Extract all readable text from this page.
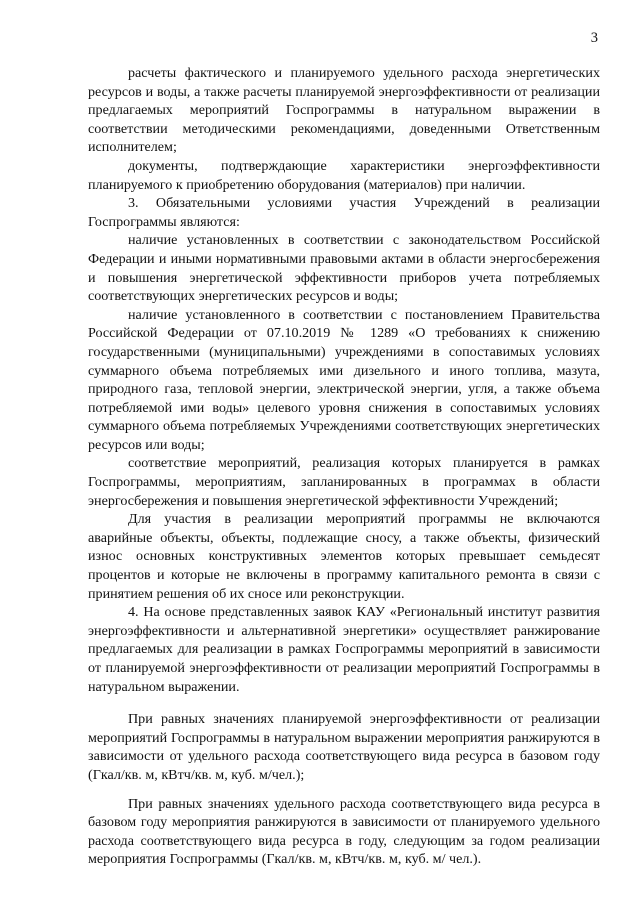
3

расчеты фактического и планируемого удельного расхода энергетических ресурсов и воды, а также расчеты планируемой энергоэффективности от реализации предлагаемых мероприятий Госпрограммы в натуральном выражении в соответствии методическими рекомендациями, доведенными Ответственным исполнителем;

документы, подтверждающие характеристики энергоэффективности планируемого к приобретению оборудования (материалов) при наличии.

3. Обязательными условиями участия Учреждений в реализации Госпрограммы являются:

наличие установленных в соответствии с законодательством Российской Федерации и иными нормативными правовыми актами в области энергосбережения и повышения энергетической эффективности приборов учета потребляемых соответствующих энергетических ресурсов и воды;

наличие установленного в соответствии с постановлением Правительства Российской Федерации от 07.10.2019 № 1289 «О требованиях к снижению государственными (муниципальными) учреждениями в сопоставимых условиях суммарного объема потребляемых ими дизельного и иного топлива, мазута, природного газа, тепловой энергии, электрической энергии, угля, а также объема потребляемой ими воды» целевого уровня снижения в сопоставимых условиях суммарного объема потребляемых Учреждениями соответствующих энергетических ресурсов или воды;

соответствие мероприятий, реализация которых планируется в рамках Госпрограммы, мероприятиям, запланированных в программах в области энергосбережения и повышения энергетической эффективности Учреждений;

Для участия в реализации мероприятий программы не включаются аварийные объекты, объекты, подлежащие сносу, а также объекты, физический износ основных конструктивных элементов которых превышает семьдесят процентов и которые не включены в программу капитального ремонта в связи с принятием решения об их сносе или реконструкции.

4. На основе представленных заявок КАУ «Региональный институт развития энергоэффективности и альтернативной энергетики» осуществляет ранжирование предлагаемых для реализации в рамках Госпрограммы мероприятий в зависимости от планируемой энергоэффективности от реализации мероприятий Госпрограммы в натуральном выражении.

При равных значениях планируемой энергоэффективности от реализации мероприятий Госпрограммы в натуральном выражении мероприятия ранжируются в зависимости от удельного расхода соответствующего вида ресурса в базовом году (Гкал/кв. м, кВтч/кв. м, куб. м/чел.);

При равных значениях удельного расхода соответствующего вида ресурса в базовом году мероприятия ранжируются в зависимости от планируемого удельного расхода соответствующего вида ресурса в году, следующим за годом реализации мероприятия Госпрограммы (Гкал/кв. м, кВтч/кв. м, куб. м/ чел.).
